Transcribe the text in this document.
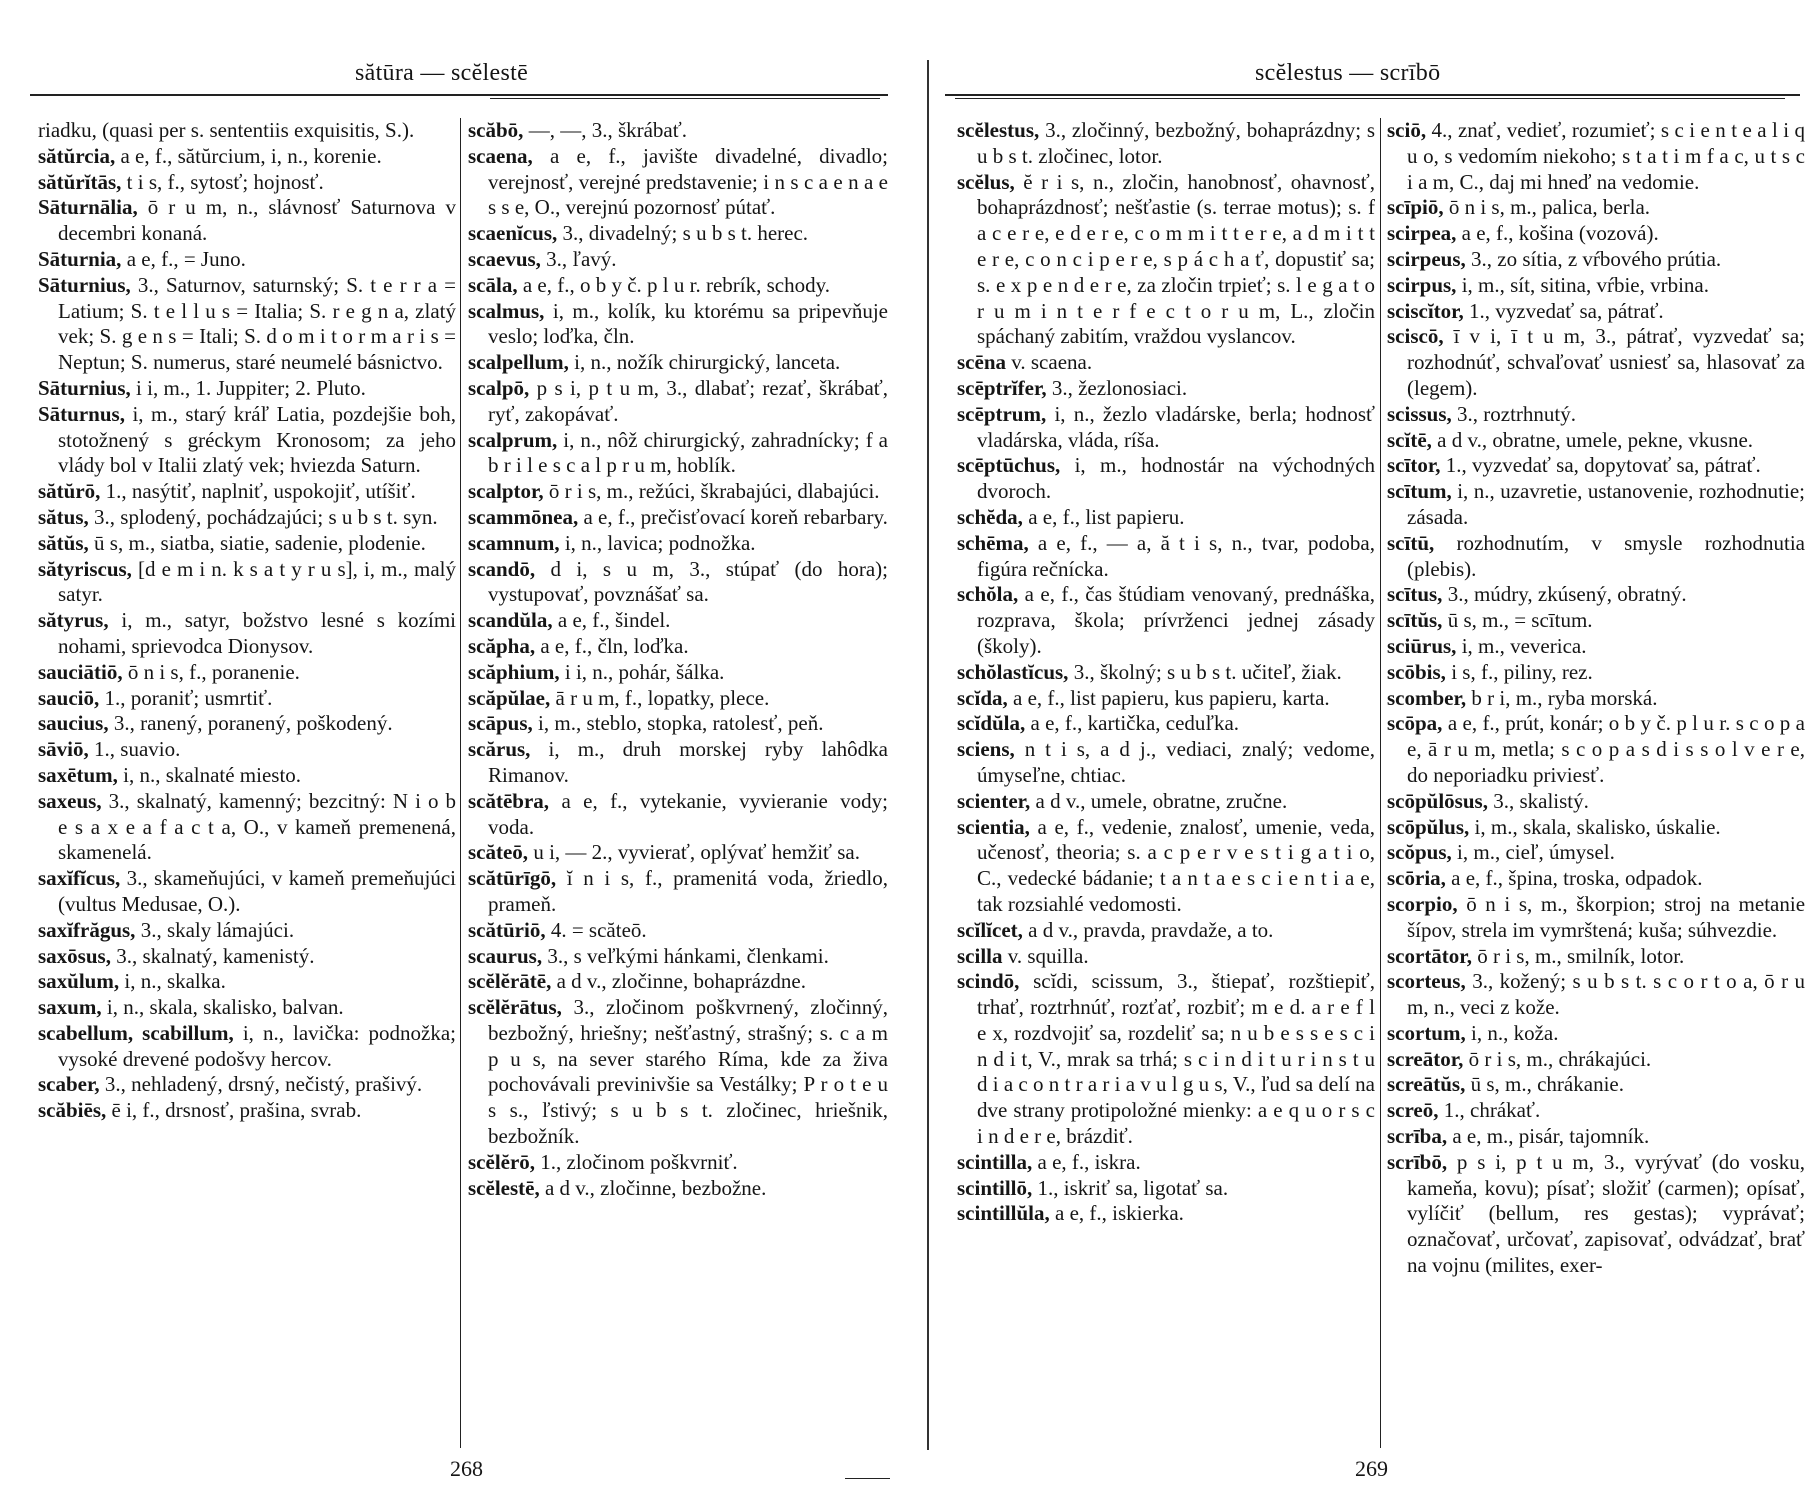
sătūra — scĕlestē

riadku, (quasi per s. sententiis exquisitis, S.).

sătŭrcia, a e, f., sătŭrcium, i, n., korenie.

sătŭrĭtās, t i s, f., sytosť; hojnosť.

Sāturnālia, ō r u m, n., slávnosť Saturnova v decembri konaná.

Sāturnia, a e, f., = Juno.

Sāturnius, 3., Saturnov, saturnský; S. t e r r a = Latium; S. t e l l u s = Italia; S. r e g n a, zlatý vek; S. g e n s = Itali; S. d o m i t o r m a r i s = Neptun; S. numerus, staré neumelé básnictvo.

Sāturnius, i i, m., 1. Juppiter; 2. Pluto.

Sāturnus, i, m., starý kráľ Latia, pozdejšie boh, stotožnený s gréckym Kronosom; za jeho vlády bol v Italii zlatý vek; hviezda Saturn.

sătŭrō, 1., nasýtiť, naplniť, uspokojiť, utíšiť.

sătus, 3., splodený, pochádzajúci; s u b s t. syn.

sătŭs, ū s, m., siatba, siatie, sadenie, plodenie.

sătyriscus, [d e m i n. k s a t y r u s], i, m., malý satyr.

sătyrus, i, m., satyr, božstvo lesné s kozími nohami, sprievodca Dionysov.

sauciātiō, ō n i s, f., poranenie.

sauciō, 1., poraniť; usmrtiť.

saucius, 3., ranený, poranený, poškodený.

sāviō, 1., suavio.

saxētum, i, n., skalnaté miesto.

saxeus, 3., skalnatý, kamenný; bezcitný: N i o b e s a x e a f a c t a, O., v kameň premenená, skamenelá.

saxĭfĭcus, 3., skameňujúci, v kameň premeňujúci (vultus Medusae, O.).

saxĭfrăgus, 3., skaly lámajúci.

saxōsus, 3., skalnatý, kamenistý.

saxŭlum, i, n., skalka.

saxum, i, n., skala, skalisko, balvan.

scabellum, scabillum, i, n., lavička: podnožka; vysoké drevené podošvy hercov.

scaber, 3., nehladený, drsný, nečistý, prašivý.

scăbiēs, ē i, f., drsnosť, prašina, svrab.

scăbō, —, —, 3., škrábať.

scaena, a e, f., javište divadelné, divadlo; verejnosť, verejné predstavenie; i n s c a e n a e s s e, O., verejnú pozornosť pútať.

scaenĭcus, 3., divadelný; s u b s t. herec.

scaevus, 3., ľavý.

scāla, a e, f., o b y č. p l u r. rebrík, schody.

scalmus, i, m., kolík, ku ktorému sa pripevňuje veslo; loďka, čln.

scalpellum, i, n., nožík chirurgický, lanceta.

scalpō, p s i, p t u m, 3., dlabať; rezať, škrábať, ryť, zakopávať.

scalprum, i, n., nôž chirurgický, zahradnícky; f a b r i l e s c a l p r u m, hoblík.

scalptor, ō r i s, m., režúci, škrabajúci, dlabajúci.

scammōnea, a e, f., prečisťovací koreň rebarbary.

scamnum, i, n., lavica; podnožka.

scandō, d i, s u m, 3., stúpať (do hora); vystupovať, povznášať sa.

scandŭla, a e, f., šindel.

scăpha, a e, f., čln, loďka.

scăphium, i i, n., pohár, šálka.

scăpŭlae, ā r u m, f., lopatky, plece.

scāpus, i, m., steblo, stopka, ratolesť, peň.

scărus, i, m., druh morskej ryby lahôdka Rimanov.

scătēbra, a e, f., vytekanie, vyvieranie vody; voda.

scăteō, u i, — 2., vyvierať, oplývať hemžiť sa.

scătūrīgō, ĭ n i s, f., pramenitá voda, žriedlo, prameň.

scătūriō, 4. = scăteō.

scaurus, 3., s veľkými hánkami, členkami.

scĕlĕrātē, a d v., zločinne, bohaprázdne.

scĕlĕrātus, 3., zločinom poškvrnený, zločinný, bezbožný, hriešny; nešťastný, strašný; s. c a m p u s, na sever starého Ríma, kde za živa pochovávali previnivšie sa Vestálky; P r o t e u s s., ľstivý; s u b s t. zločinec, hriešnik, bezbožník.

scĕlĕrō, 1., zločinom poškvrniť.

scĕlestē, a d v., zločinne, bezbožne.

268
scĕlestus — scrībō

scĕlestus, 3., zločinný, bezbožný, bohaprázdny; s u b s t. zločinec, lotor.

scĕlus, ĕ r i s, n., zločin, hanobnosť, ohavnosť, bohaprázdnosť; nešťastie (s. terrae motus); s. f a c e r e, e d e r e, c o m m i t t e r e, a d m i t t e r e, c o n c i p e r e, s p á c h a ť, dopustiť sa; s. e x p e n d e r e, za zločin trpieť; s. l e g a t o r u m i n t e r f e c t o r u m, L., zločin spáchaný zabitím, vraždou vyslancov.

scēna v. scaena.

scēptrĭfer, 3., žezlonosiaci.

scēptrum, i, n., žezlo vladárske, berla; hodnosť vladárska, vláda, ríša.

scēptūchus, i, m., hodnostár na východných dvoroch.

schĕda, a e, f., list papieru.

schēma, a e, f., — a, ă t i s, n., tvar, podoba, figúra rečnícka.

schŏla, a e, f., čas štúdiam venovaný, prednáška, rozprava, škola; prívrženci jednej zásady (školy).

schŏlastĭcus, 3., školný; s u b s t. učiteľ, žiak.

scĭda, a e, f., list papieru, kus papieru, karta.

scĭdŭla, a e, f., kartička, ceduľka.

sciens, n t i s, a d j., vediaci, znalý; vedome, úmyseľne, chtiac.

scienter, a d v., umele, obratne, zručne.

scientia, a e, f., vedenie, znalosť, umenie, veda, učenosť, theoria; s. a c p e r v e s t i g a t i o, C., vedecké bádanie; t a n t a e s c i e n t i a e, tak rozsiahlé vedomosti.

scĭlĭcet, a d v., pravda, pravdaže, a to.

scilla v. squilla.

scindō, scĭdi, scissum, 3., štiepať, rozštiepiť, trhať, roztrhnúť, rozťať, rozbiť; m e d. a r e f l e x, rozdvojiť sa, rozdeliť sa; n u b e s s e s c i n d i t, V., mrak sa trhá; s c i n d i t u r i n s t u d i a c o n t r a r i a v u l g u s, V., ľud sa delí na dve strany protipoložné mienky: a e q u o r s c i n d e r e, brázdiť.

scintilla, a e, f., iskra.

scintillō, 1., iskriť sa, ligotať sa.

scintillŭla, a e, f., iskierka.

sciō, 4., znať, vedieť, rozumieť; s c i e n t e a l i q u o, s vedomím niekoho; s t a t i m f a c, u t s c i a m, C., daj mi hneď na vedomie.

scīpiō, ō n i s, m., palica, berla.

scirpea, a e, f., košina (vozová).

scirpeus, 3., zo sítia, z vŕbového prútia.

scirpus, i, m., sít, sitina, vŕbie, vrbina.

sciscĭtor, 1., vyzvedať sa, pátrať.

sciscō, ī v i, ī t u m, 3., pátrať, vyzvedať sa; rozhodnúť, schvaľovať usniesť sa, hlasovať za (legem).

scissus, 3., roztrhnutý.

scĭtē, a d v., obratne, umele, pekne, vkusne.

scītor, 1., vyzvedať sa, dopytovať sa, pátrať.

scītum, i, n., uzavretie, ustanovenie, rozhodnutie; zásada.

scītū, rozhodnutím, v smysle rozhodnutia (plebis).

scītus, 3., múdry, zkúsený, obratný.

scītŭs, ū s, m., = scītum.

sciūrus, i, m., veverica.

scōbis, i s, f., piliny, rez.

scomber, b r i, m., ryba morská.

scōpa, a e, f., prút, konár; o b y č. p l u r. s c o p a e, ā r u m, metla; s c o p a s d i s s o l v e r e, do neporiadku priviesť.

scōpŭlōsus, 3., skalistý.

scōpŭlus, i, m., skala, skalisko, úskalie.

scŏpus, i, m., cieľ, úmysel.

scōria, a e, f., špina, troska, odpadok.

scorpio, ō n i s, m., škorpion; stroj na metanie šípov, strela im vymrštená; kuša; súhvezdie.

scortātor, ō r i s, m., smilník, lotor.

scorteus, 3., kožený; s u b s t. s c o r t o a, ō r u m, n., veci z kože.

scortum, i, n., koža.

screātor, ō r i s, m., chrákajúci.

screātŭs, ū s, m., chrákanie.

screō, 1., chrákať.

scrība, a e, m., pisár, tajomník.

scrībō, p s i, p t u m, 3., vyrývať (do vosku, kameňa, kovu); písať; složiť (carmen); opísať, vylíčiť (bellum, res gestas); vyprávať; označovať, určovať, zapisovať, odvádzať, brať na vojnu (milites, exer-

269
